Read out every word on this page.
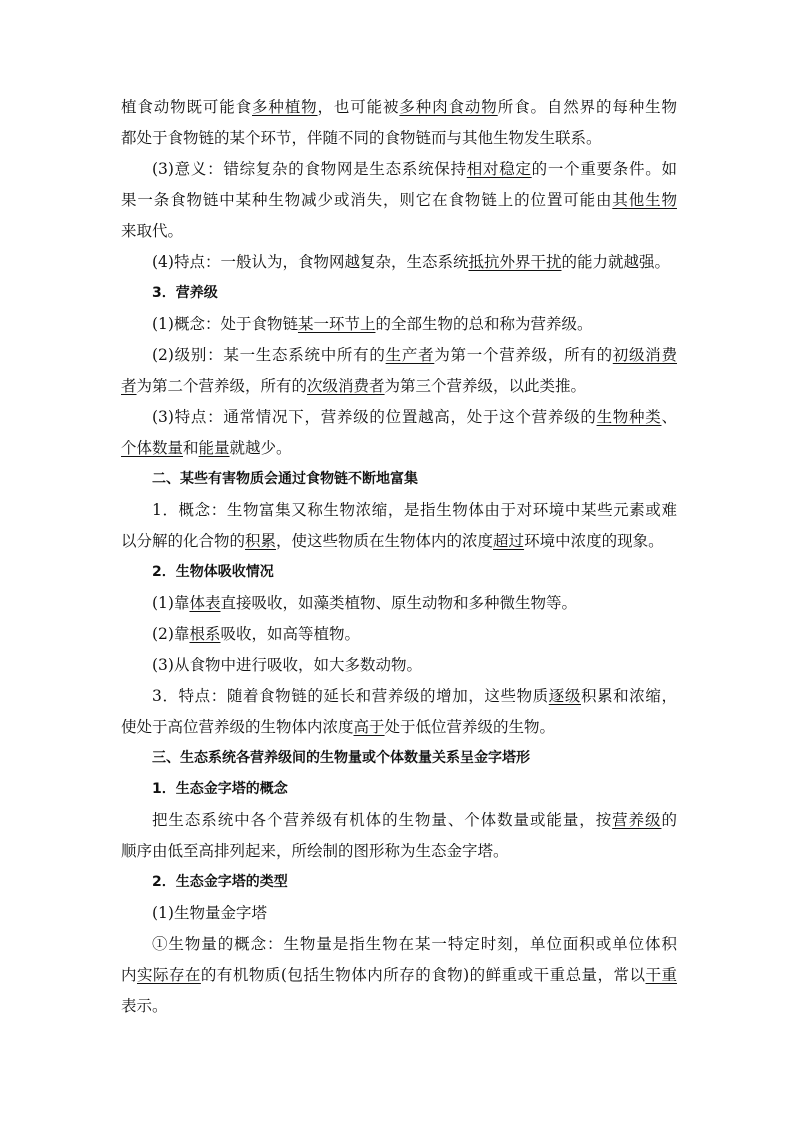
植食动物既可能食多种植物，也可能被多种肉食动物所食。自然界的每种生物
都处于食物链的某个环节，伴随不同的食物链而与其他生物发生联系。
(3)意义：错综复杂的食物网是生态系统保持相对稳定的一个重要条件。如
果一条食物链中某种生物减少或消失，则它在食物链上的位置可能由其他生物
来取代。
(4)特点：一般认为，食物网越复杂，生态系统抵抗外界干扰的能力就越强。
3．营养级
(1)概念：处于食物链某一环节上的全部生物的总和称为营养级。
(2)级别：某一生态系统中所有的生产者为第一个营养级，所有的初级消费
者为第二个营养级，所有的次级消费者为第三个营养级，以此类推。
(3)特点：通常情况下，营养级的位置越高，处于这个营养级的生物种类、
个体数量和能量就越少。
二、某些有害物质会通过食物链不断地富集
1．概念：生物富集又称生物浓缩，是指生物体由于对环境中某些元素或难
以分解的化合物的积累，使这些物质在生物体内的浓度超过环境中浓度的现象。
2．生物体吸收情况
(1)靠体表直接吸收，如藻类植物、原生动物和多种微生物等。
(2)靠根系吸收，如高等植物。
(3)从食物中进行吸收，如大多数动物。
3．特点：随着食物链的延长和营养级的增加，这些物质逐级积累和浓缩，
使处于高位营养级的生物体内浓度高于处于低位营养级的生物。
三、生态系统各营养级间的生物量或个体数量关系呈金字塔形
1．生态金字塔的概念
把生态系统中各个营养级有机体的生物量、个体数量或能量，按营养级的
顺序由低至高排列起来，所绘制的图形称为生态金字塔。
2．生态金字塔的类型
(1)生物量金字塔
①生物量的概念：生物量是指生物在某一特定时刻，单位面积或单位体积
内实际存在的有机物质(包括生物体内所存的食物)的鲜重或干重总量，常以干重
表示。
